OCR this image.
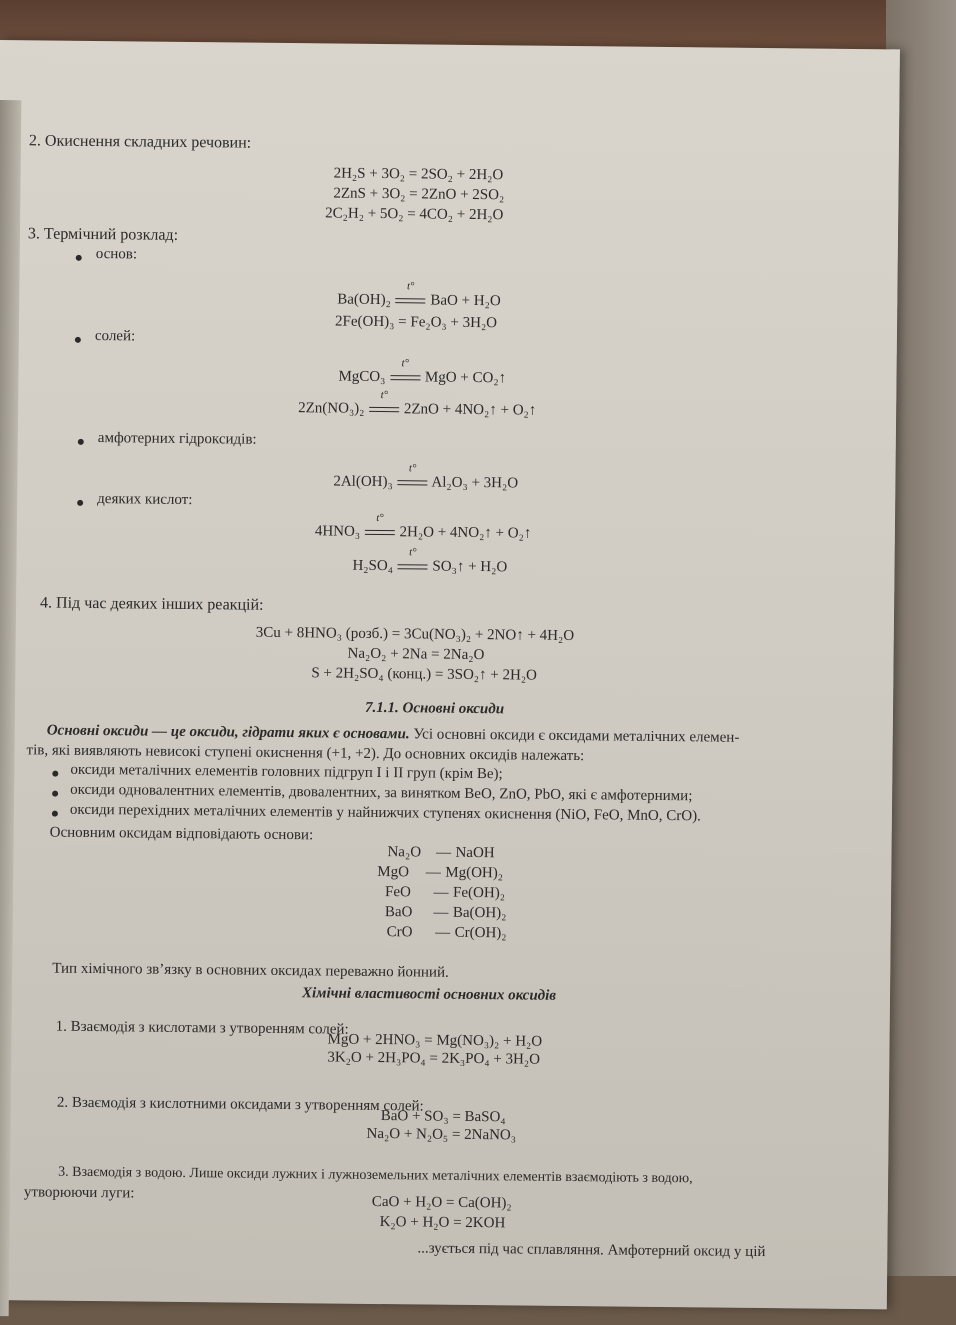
2. Окиснення складних речовин:
2H₂S + 3O₂ = 2SO₂ + 2H₂O
2ZnS + 3O₂ = 2ZnO + 2SO₂
2C₂H₂ + 5O₂ = 4CO₂ + 2H₂O
3. Термічний розклад:
основ:
Ba(OH)₂
t°
BaO + H₂O
2Fe(OH)₃ = Fe₂O₃ + 3H₂O
солей:
MgCO₃
t°
MgO + CO₂↑
2Zn(NO₃)₂
t°
2ZnO + 4NO₂↑ + O₂↑
амфотерних гідроксидів:
2Al(OH)₃
t°
Al₂O₃ + 3H₂O
деяких кислот:
4HNO₃
t°
2H₂O + 4NO₂↑ + O₂↑
H₂SO₄
t°
SO₃↑ + H₂O
4. Під час деяких інших реакцій:
3Cu + 8HNO₃ (розб.) = 3Cu(NO₃)₂ + 2NO↑ + 4H₂O
Na₂O₂ + 2Na = 2Na₂O
S + 2H₂SO₄ (конц.) = 3SO₂↑ + 2H₂O
7.1.1. Основні оксиди
Основні оксиди — це оксиди, гідрати яких є основами. Усі основні оксиди є оксидами металічних елемен-
тів, які виявляють невисокі ступені окиснення (+1, +2). До основних оксидів належать:
оксиди металічних елементів головних підгруп I і II груп (крім Be);
оксиди одновалентних елементів, двовалентних, за винятком BeO, ZnO, PbO, які є амфотерними;
оксиди перехідних металічних елементів у найнижчих ступенях окиснення (NiO, FeO, MnO, CrO).
Основним оксидам відповідають основи:
Na₂O — NaOH
MgO — Mg(OH)₂
FeO — Fe(OH)₂
BaO — Ba(OH)₂
CrO — Cr(OH)₂
Тип хімічного зв’язку в основних оксидах переважно йонний.
Хімічні властивості основних оксидів
1. Взаємодія з кислотами з утворенням солей:
MgO + 2HNO₃ = Mg(NO₃)₂ + H₂O
3K₂O + 2H₃PO₄ = 2K₃PO₄ + 3H₂O
2. Взаємодія з кислотними оксидами з утворенням солей:
BaO + SO₃ = BaSO₄
Na₂O + N₂O₅ = 2NaNO₃
3. Взаємодія з водою. Лише оксиди лужних і лужноземельних металічних елементів взаємодіють з водою,
утворюючи луги:
CaO + H₂O = Ca(OH)₂
K₂O + H₂O = 2KOH
...зується під час сплавляння. Амфотерний оксид у цій
